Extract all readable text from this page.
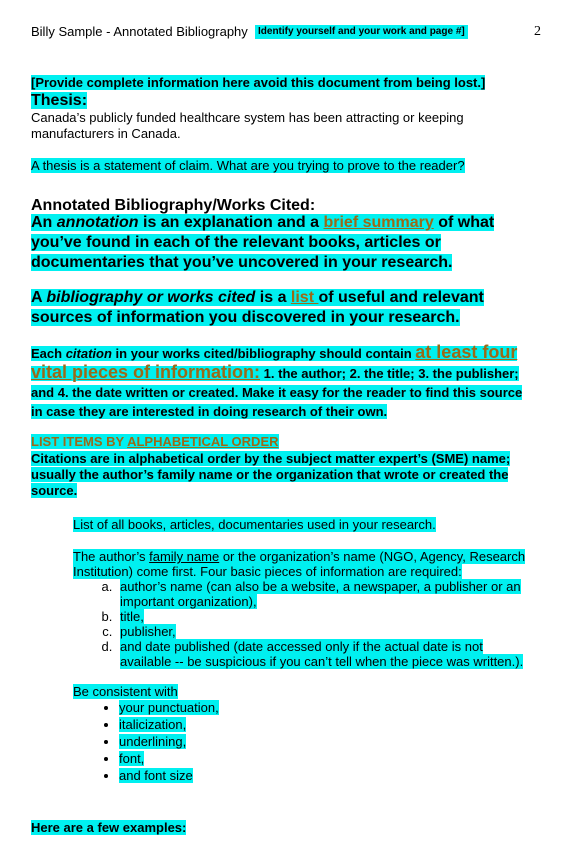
Billy Sample - Annotated Bibliography	Identify yourself and your work and page #]	2
[Provide complete information here avoid this document from being lost.]
Thesis:
Canada’s publicly funded healthcare system has been attracting or keeping manufacturers in Canada.
A thesis is a statement of claim. What are you trying to prove to the reader?
Annotated Bibliography/Works Cited:
An annotation is an explanation and a brief summary of what you’ve found in each of the relevant books, articles or documentaries that you’ve uncovered in your research.
A bibliography or works cited is a list of useful and relevant sources of information you discovered in your research.
Each citation in your works cited/bibliography should contain at least four vital pieces of information: 1. the author; 2. the title; 3. the publisher; and 4. the date written or created. Make it easy for the reader to find this source in case they are interested in doing research of their own.
LIST ITEMS BY ALPHABETICAL ORDER
Citations are in alphabetical order by the subject matter expert’s (SME) name; usually the author’s family name or the organization that wrote or created the source.
List of all books, articles, documentaries used in your research.
The author’s family name or the organization’s name (NGO, Agency, Research Institution) come first. Four basic pieces of information are required:
a. author’s name (can also be a website, a newspaper, a publisher or an important organization),
b. title,
c. publisher,
d. and date published (date accessed only if the actual date is not available -- be suspicious if you can’t tell when the piece was written.).
Be consistent with
• your punctuation,
• italicization,
• underlining,
• font,
• and font size
Here are a few examples:
